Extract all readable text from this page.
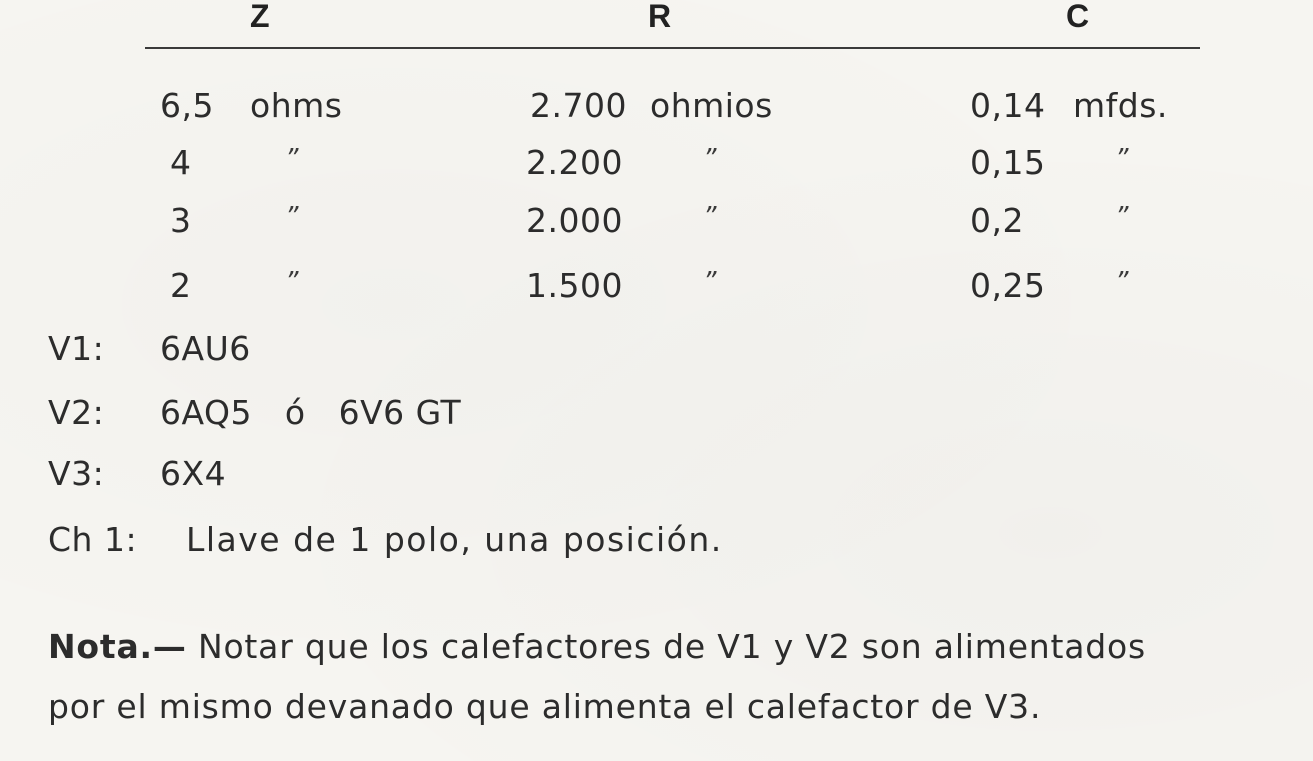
Z	R	C
6,5 ohms	2.700 ohmios	0,14 mfds.
4	”	2.200	”	0,15	”
3	”	2.000	”	0,2	”
2	”	1.500	”	0,25	”
V1: 6AU6
V2: 6AQ5   ó   6V6 GT
V3: 6X4
Ch 1: Llave de 1 polo, una posición.
Nota.— Notar que los calefactores de V1 y V2 son alimentados
por el mismo devanado que alimenta el calefactor de V3.
